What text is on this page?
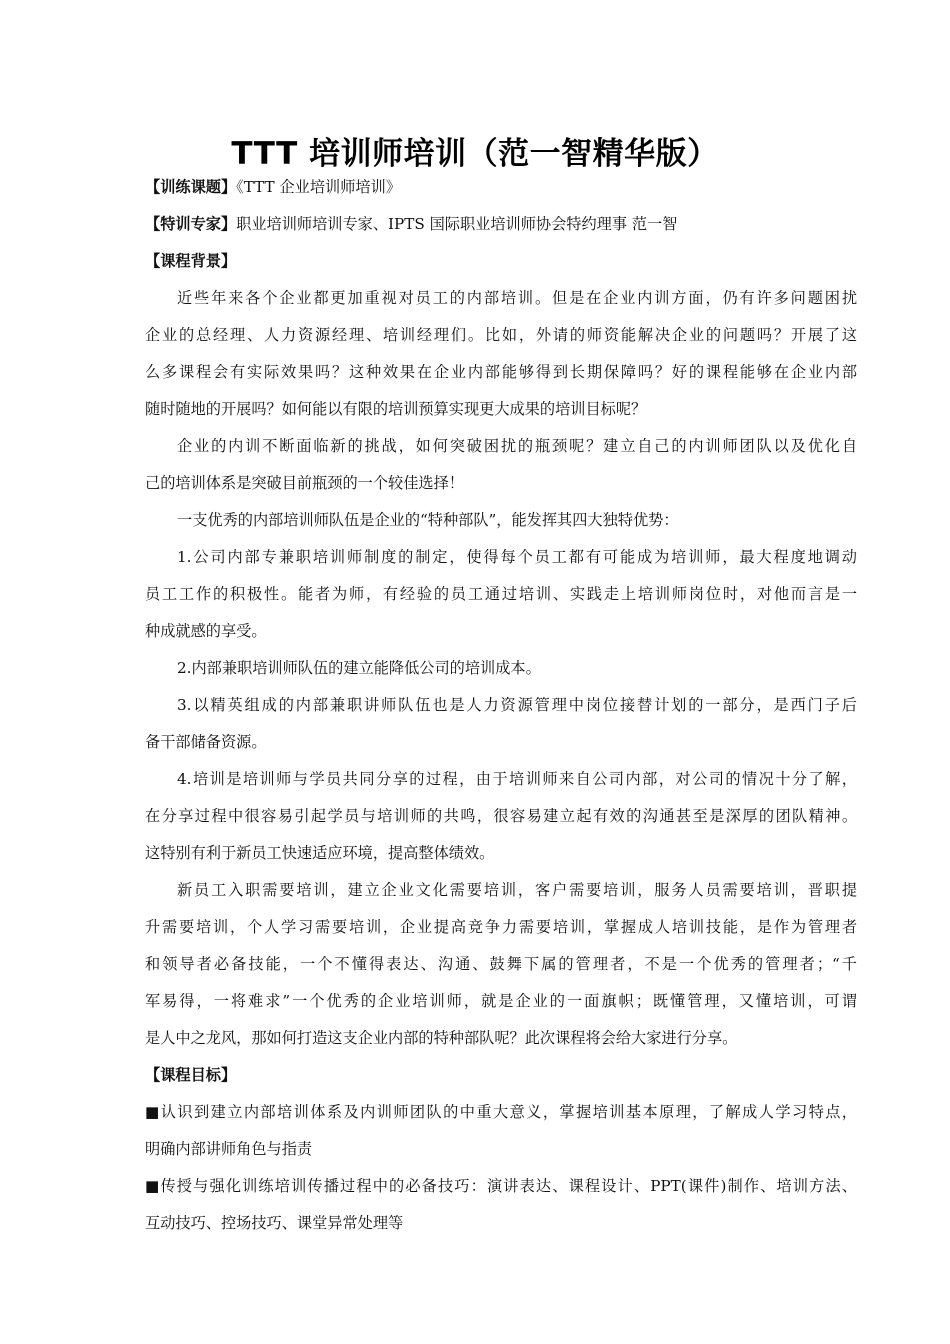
TTT 培训师培训（范一智精华版）
【训练课题】《TTT 企业培训师培训》
【特训专家】职业培训师培训专家、IPTS 国际职业培训师协会特约理事 范一智
【课程背景】
近些年来各个企业都更加重视对员工的内部培训。但是在企业内训方面，仍有许多问题困扰
企业的总经理、人力资源经理、培训经理们。比如，外请的师资能解决企业的问题吗？开展了这
么多课程会有实际效果吗？这种效果在企业内部能够得到长期保障吗？好的课程能够在企业内部
随时随地的开展吗？如何能以有限的培训预算实现更大成果的培训目标呢？
企业的内训不断面临新的挑战，如何突破困扰的瓶颈呢？建立自己的内训师团队以及优化自
己的培训体系是突破目前瓶颈的一个较佳选择！
一支优秀的内部培训师队伍是企业的“特种部队”，能发挥其四大独特优势：
1.公司内部专兼职培训师制度的制定，使得每个员工都有可能成为培训师，最大程度地调动
员工工作的积极性。能者为师，有经验的员工通过培训、实践走上培训师岗位时，对他而言是一
种成就感的享受。
2.内部兼职培训师队伍的建立能降低公司的培训成本。
3.以精英组成的内部兼职讲师队伍也是人力资源管理中岗位接替计划的一部分，是西门子后
备干部储备资源。
4.培训是培训师与学员共同分享的过程，由于培训师来自公司内部，对公司的情况十分了解，
在分享过程中很容易引起学员与培训师的共鸣，很容易建立起有效的沟通甚至是深厚的团队精神。
这特别有利于新员工快速适应环境，提高整体绩效。
新员工入职需要培训，建立企业文化需要培训，客户需要培训，服务人员需要培训，晋职提
升需要培训，个人学习需要培训，企业提高竞争力需要培训，掌握成人培训技能，是作为管理者
和领导者必备技能，一个不懂得表达、沟通、鼓舞下属的管理者，不是一个优秀的管理者；“千
军易得，一将难求”一个优秀的企业培训师，就是企业的一面旗帜；既懂管理，又懂培训，可谓
是人中之龙风，那如何打造这支企业内部的特种部队呢？此次课程将会给大家进行分享。
【课程目标】
■认识到建立内部培训体系及内训师团队的中重大意义，掌握培训基本原理，了解成人学习特点，
明确内部讲师角色与指责
■传授与强化训练培训传播过程中的必备技巧：演讲表达、课程设计、PPT(课件)制作、培训方法、
互动技巧、控场技巧、课堂异常处理等
